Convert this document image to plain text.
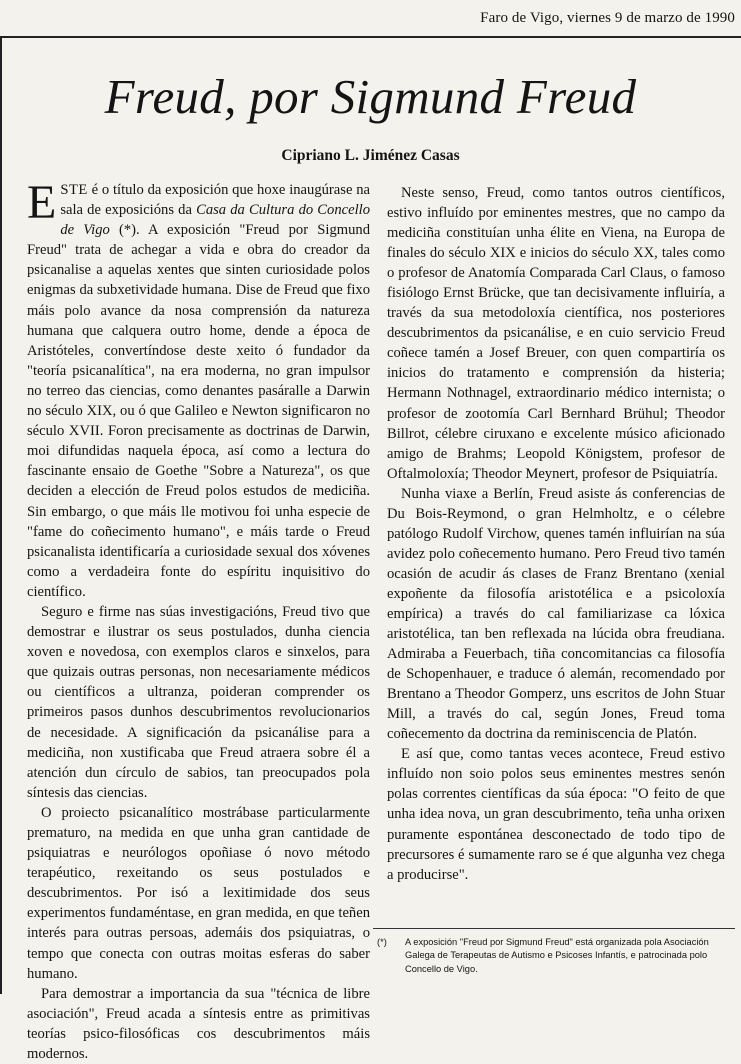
Faro de Vigo, viernes 9 de marzo de 1990
Freud, por Sigmund Freud
Cipriano L. Jiménez Casas

ESTE é o título da exposición que hoxe inaugúrase na sala de exposicións da Casa da Cultura do Concello de Vigo (*). A exposición "Freud por Sigmund Freud" trata de achegar a vida e obra do creador da psicanalise a aquelas xentes que sinten curiosidade polos enigmas da subxetividade humana. Dise de Freud que fixo máis polo avance da nosa comprensión da natureza humana que calquera outro home, dende a época de Aristóteles, convertíndose deste xeito ó fundador da "teoría psicanalítica", na era moderna, no gran impulsor no terreo das ciencias, como denantes pasáralle a Darwin no século XIX, ou ó que Galileo e Newton significaron no século XVII. Foron precisamente as doctrinas de Darwin, moi difundidas naquela época, así como a lectura do fascinante ensaio de Goethe "Sobre a Natureza", os que deciden a elección de Freud polos estudos de mediciña. Sin embargo, o que máis lle motivou foi unha especie de "fame do coñecimento humano", e máis tarde o Freud psicanalista identificaría a curiosidade sexual dos xóvenes como a verdadeira fonte do espíritu inquisitivo do científico.

Seguro e firme nas súas investigacións, Freud tivo que demostrar e ilustrar os seus postulados, dunha ciencia xoven e novedosa, con exemplos claros e sinxelos, para que quizais outras personas, non necesariamente médicos ou científicos a ultranza, poideran comprender os primeiros pasos dunhos descubrimentos revolucionarios de necesidade. A significación da psicanálise para a mediciña, non xustificaba que Freud atraera sobre él a atención dun círculo de sabios, tan preocupados pola síntesis das ciencias.

O proiecto psicanalítico mostrábase particularmente prematuro, na medida en que unha gran cantidade de psiquiatras e neurólogos opoñiase ó novo método terapéutico, rexeitando os seus postulados e descubrimentos. Por isó a lexitimidade dos seus experimentos fundaméntase, en gran medida, en que teñen interés para outras persoas, ademáis dos psiquiatras, o tempo que conecta con outras moitas esferas do saber humano.

Para demostrar a importancia da sua "técnica de libre asociación", Freud acada a síntesis entre as primitivas teorías psico-filosóficas cos descubrimentos máis modernos.

Neste senso, Freud, como tantos outros científicos, estivo influído por eminentes mestres, que no campo da mediciña constituían unha élite en Viena, na Europa de finales do século XIX e inicios do século XX, tales como o profesor de Anatomía Comparada Carl Claus, o famoso fisiólogo Ernst Brücke, que tan decisivamente influiría, a través da sua metodoloxía científica, nos posteriores descubrimentos da psicanálise, e en cuio servicio Freud coñece tamén a Josef Breuer, con quen compartiría os inicios do tratamento e comprensión da histeria; Hermann Nothnagel, extraordinario médico internista; o profesor de zootomía Carl Bernhard Brühul; Theodor Billrot, célebre ciruxano e excelente músico aficionado amigo de Brahms; Leopold Königstem, profesor de Oftalmoloxía; Theodor Meynert, profesor de Psiquiatría.

Nunha viaxe a Berlín, Freud asiste ás conferencias de Du Bois-Reymond, o gran Helmholtz, e o célebre patólogo Rudolf Virchow, quenes tamén influirían na súa avidez polo coñecemento humano. Pero Freud tivo tamén ocasión de acudir ás clases de Franz Brentano (xenial expoñente da filosofía aristotélica e a psicoloxía empírica) a través do cal familiarizase ca lóxica aristotélica, tan ben reflexada na lúcida obra freudiana. Admiraba a Feuerbach, tiña concomitancias ca filosofía de Schopenhauer, e traduce ó alemán, recomendado por Brentano a Theodor Gomperz, uns escritos de John Stuar Mill, a través do cal, según Jones, Freud toma coñecemento da doctrina da reminiscencia de Platón.

E así que, como tantas veces acontece, Freud estivo influído non soio polos seus eminentes mestres senón polas correntes científicas da súa época: "O feito de que unha idea nova, un gran descubrimento, teña unha orixen puramente espontánea desconectado de todo tipo de precursores é sumamente raro se é que algunha vez chega a producirse".

(*)	A exposición "Freud por Sigmund Freud" está organizada pola Asociación Galega de Terapeutas de Autismo e Psicoses Infantís, e patrocinada polo Concello de Vigo.
